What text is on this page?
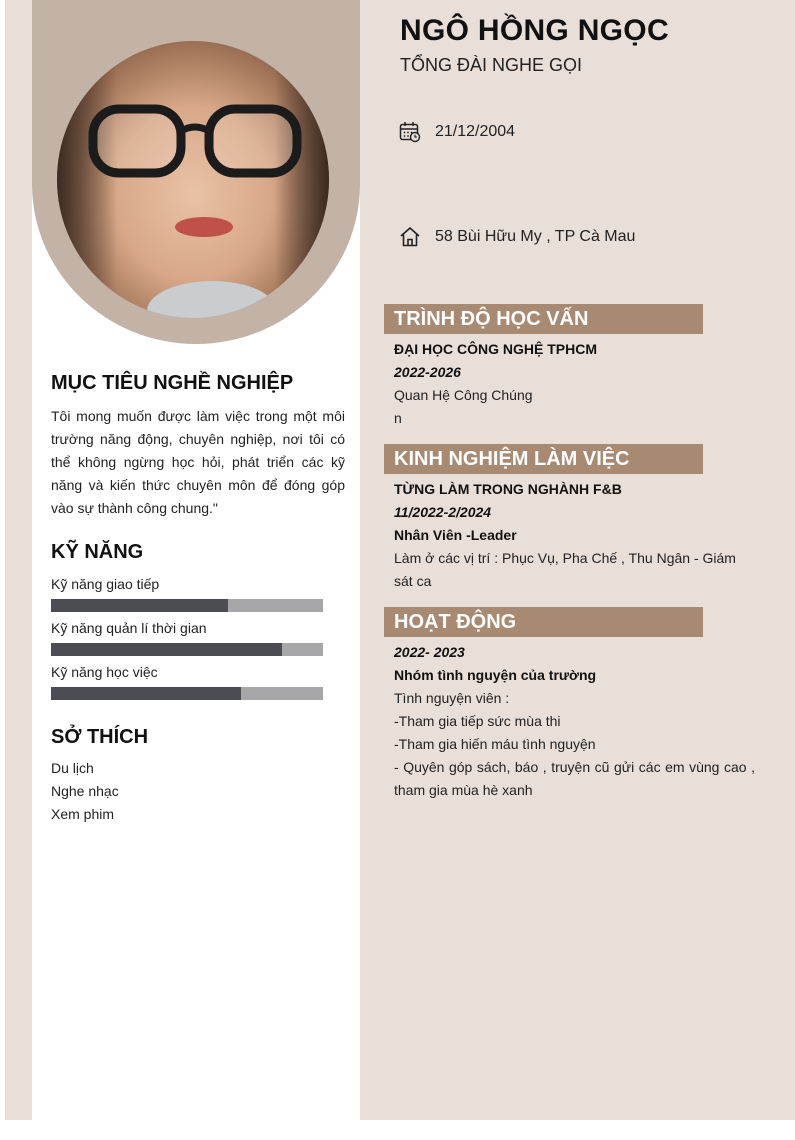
NGÔ HỒNG NGỌC
TỔNG ĐÀI NGHE GỌI
21/12/2004
58 Bùi Hữu My , TP Cà Mau
MỤC TIÊU NGHỀ NGHIỆP
Tôi mong muốn được làm việc trong một môi trường năng động, chuyên nghiệp, nơi tôi có thể không ngừng học hỏi, phát triển các kỹ năng và kiến thức chuyên môn để đóng góp vào sự thành công chung."
KỸ NĂNG
Kỹ năng giao tiếp
Kỹ năng quản lí thời gian
Kỹ năng học việc
SỞ THÍCH
Du lịch
Nghe nhạc
Xem phim
TRÌNH ĐỘ HỌC VẤN
ĐẠI HỌC CÔNG NGHỆ TPHCM
2022-2026
Quan Hệ Công Chúng
n
KINH NGHIỆM LÀM VIỆC
TỪNG LÀM TRONG NGHÀNH F&B
11/2022-2/2024
Nhân Viên -Leader
Làm ở các vị trí : Phục Vụ, Pha Chế , Thu Ngân - Giám sát ca
HOẠT ĐỘNG
2022- 2023
Nhóm tình nguyện của trường
Tình nguyện viên :
-Tham gia tiếp sức mùa thi
-Tham gia hiến máu tình nguyện
- Quyên góp sách, báo , truyện cũ gửi các em vùng cao , tham gia mùa hè xanh
